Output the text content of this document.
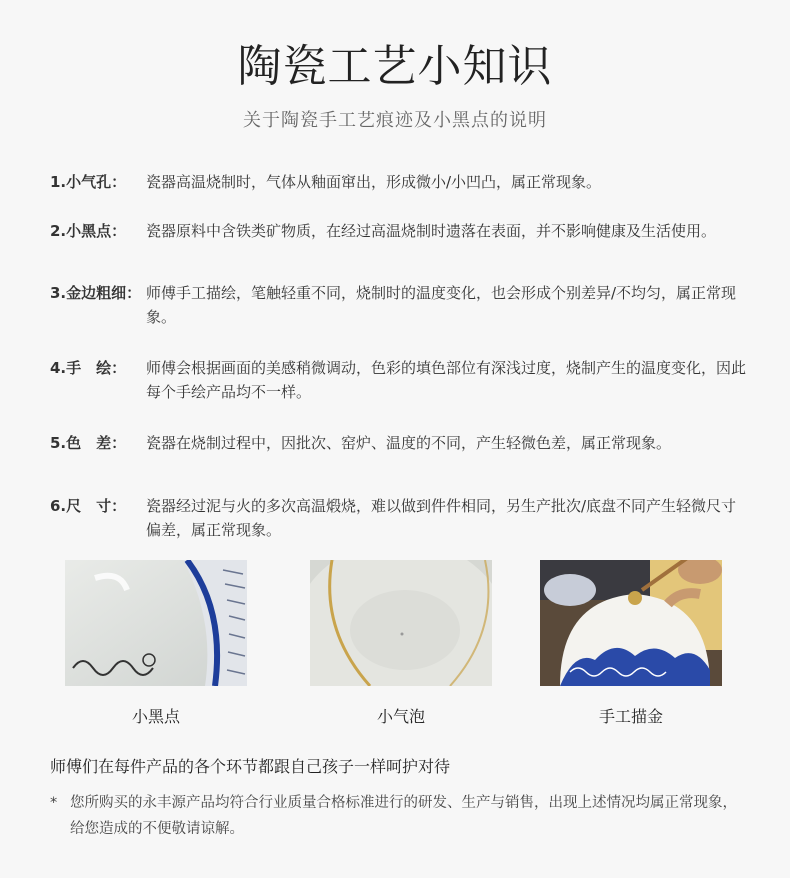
陶瓷工艺小知识
关于陶瓷手工艺痕迹及小黑点的说明
1.小气孔：	瓷器高温烧制时，气体从釉面窜出，形成微小/小凹凸，属正常现象。
2.小黑点：	瓷器原料中含铁类矿物质，在经过高温烧制时遗落在表面，并不影响健康及生活使用。
3.金边粗细： 师傅手工描绘，笔触轻重不同，烧制时的温度变化，也会形成个别差异/不均匀，属正常现象。
4.手　绘：	师傅会根据画面的美感稍微调动，色彩的填色部位有深浅过度，烧制产生的温度变化，因此每个手绘产品均不一样。
5.色　差：	瓷器在烧制过程中，因批次、窑炉、温度的不同，产生轻微色差，属正常现象。
6.尺　寸：	瓷器经过泥与火的多次高温煅烧，难以做到件件相同，另生产批次/底盘不同产生轻微尺寸偏差，属正常现象。
小黑点	小气泡	手工描金
师傅们在每件产品的各个环节都跟自己孩子一样呵护对待
* 您所购买的永丰源产品均符合行业质量合格标准进行的研发、生产与销售，出现上述情况均属正常现象，给您造成的不便敬请谅解。
